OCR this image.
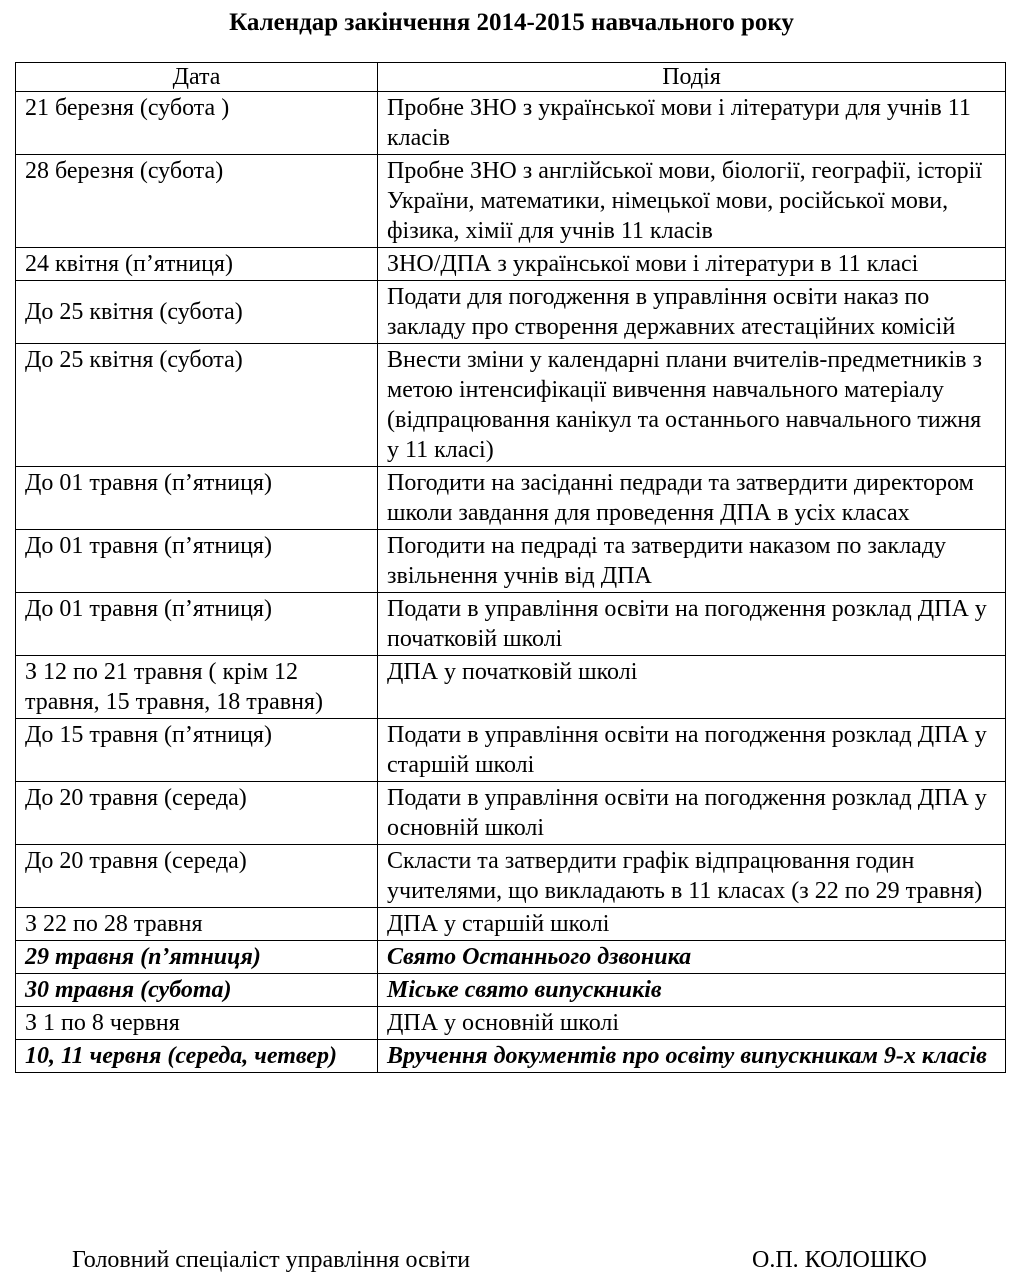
Календар закінчення 2014-2015 навчального року
Дата	Подія
21 березня (субота )	Пробне ЗНО з української мови і літератури для учнів 11 класів
28 березня (субота)	Пробне ЗНО з англійської мови, біології, географії, історії України, математики, німецької мови, російської мови, фізика, хімії для учнів 11 класів
24 квітня (п’ятниця)	ЗНО/ДПА з української мови і літератури в 11 класі
До 25 квітня (субота)	Подати для погодження в управління освіти наказ по закладу про створення державних атестаційних комісій
До 25 квітня (субота)	Внести зміни у календарні плани вчителів-предметників з метою інтенсифікації вивчення навчального матеріалу (відпрацювання канікул та останнього навчального тижня у 11 класі)
До 01 травня (п’ятниця)	Погодити на засіданні педради та затвердити директором школи завдання для проведення ДПА в усіх класах
До 01 травня (п’ятниця)	Погодити на педраді та затвердити наказом по закладу звільнення учнів від ДПА
До 01 травня (п’ятниця)	Подати в управління освіти на погодження розклад ДПА у початковій школі
З 12 по 21 травня ( крім 12 травня, 15 травня, 18 травня)	ДПА у початковій школі
До 15 травня (п’ятниця)	Подати в управління освіти на погодження розклад ДПА у старшій школі
До 20 травня (середа)	Подати в управління освіти на погодження розклад ДПА у основній школі
До 20 травня (середа)	Скласти та затвердити графік відпрацювання годин учителями, що викладають в 11 класах (з 22 по 29 травня)
З 22 по 28 травня	ДПА у старшій школі
29 травня (п’ятниця)	Свято Останнього дзвоника
30 травня (субота)	Міське свято випускників
З 1 по 8 червня	ДПА у основній школі
10, 11 червня (середа, четвер)	Вручення документів про освіту випускникам 9-х класів
Головний спеціаліст управління освіти	О.П. КОЛОШКО
